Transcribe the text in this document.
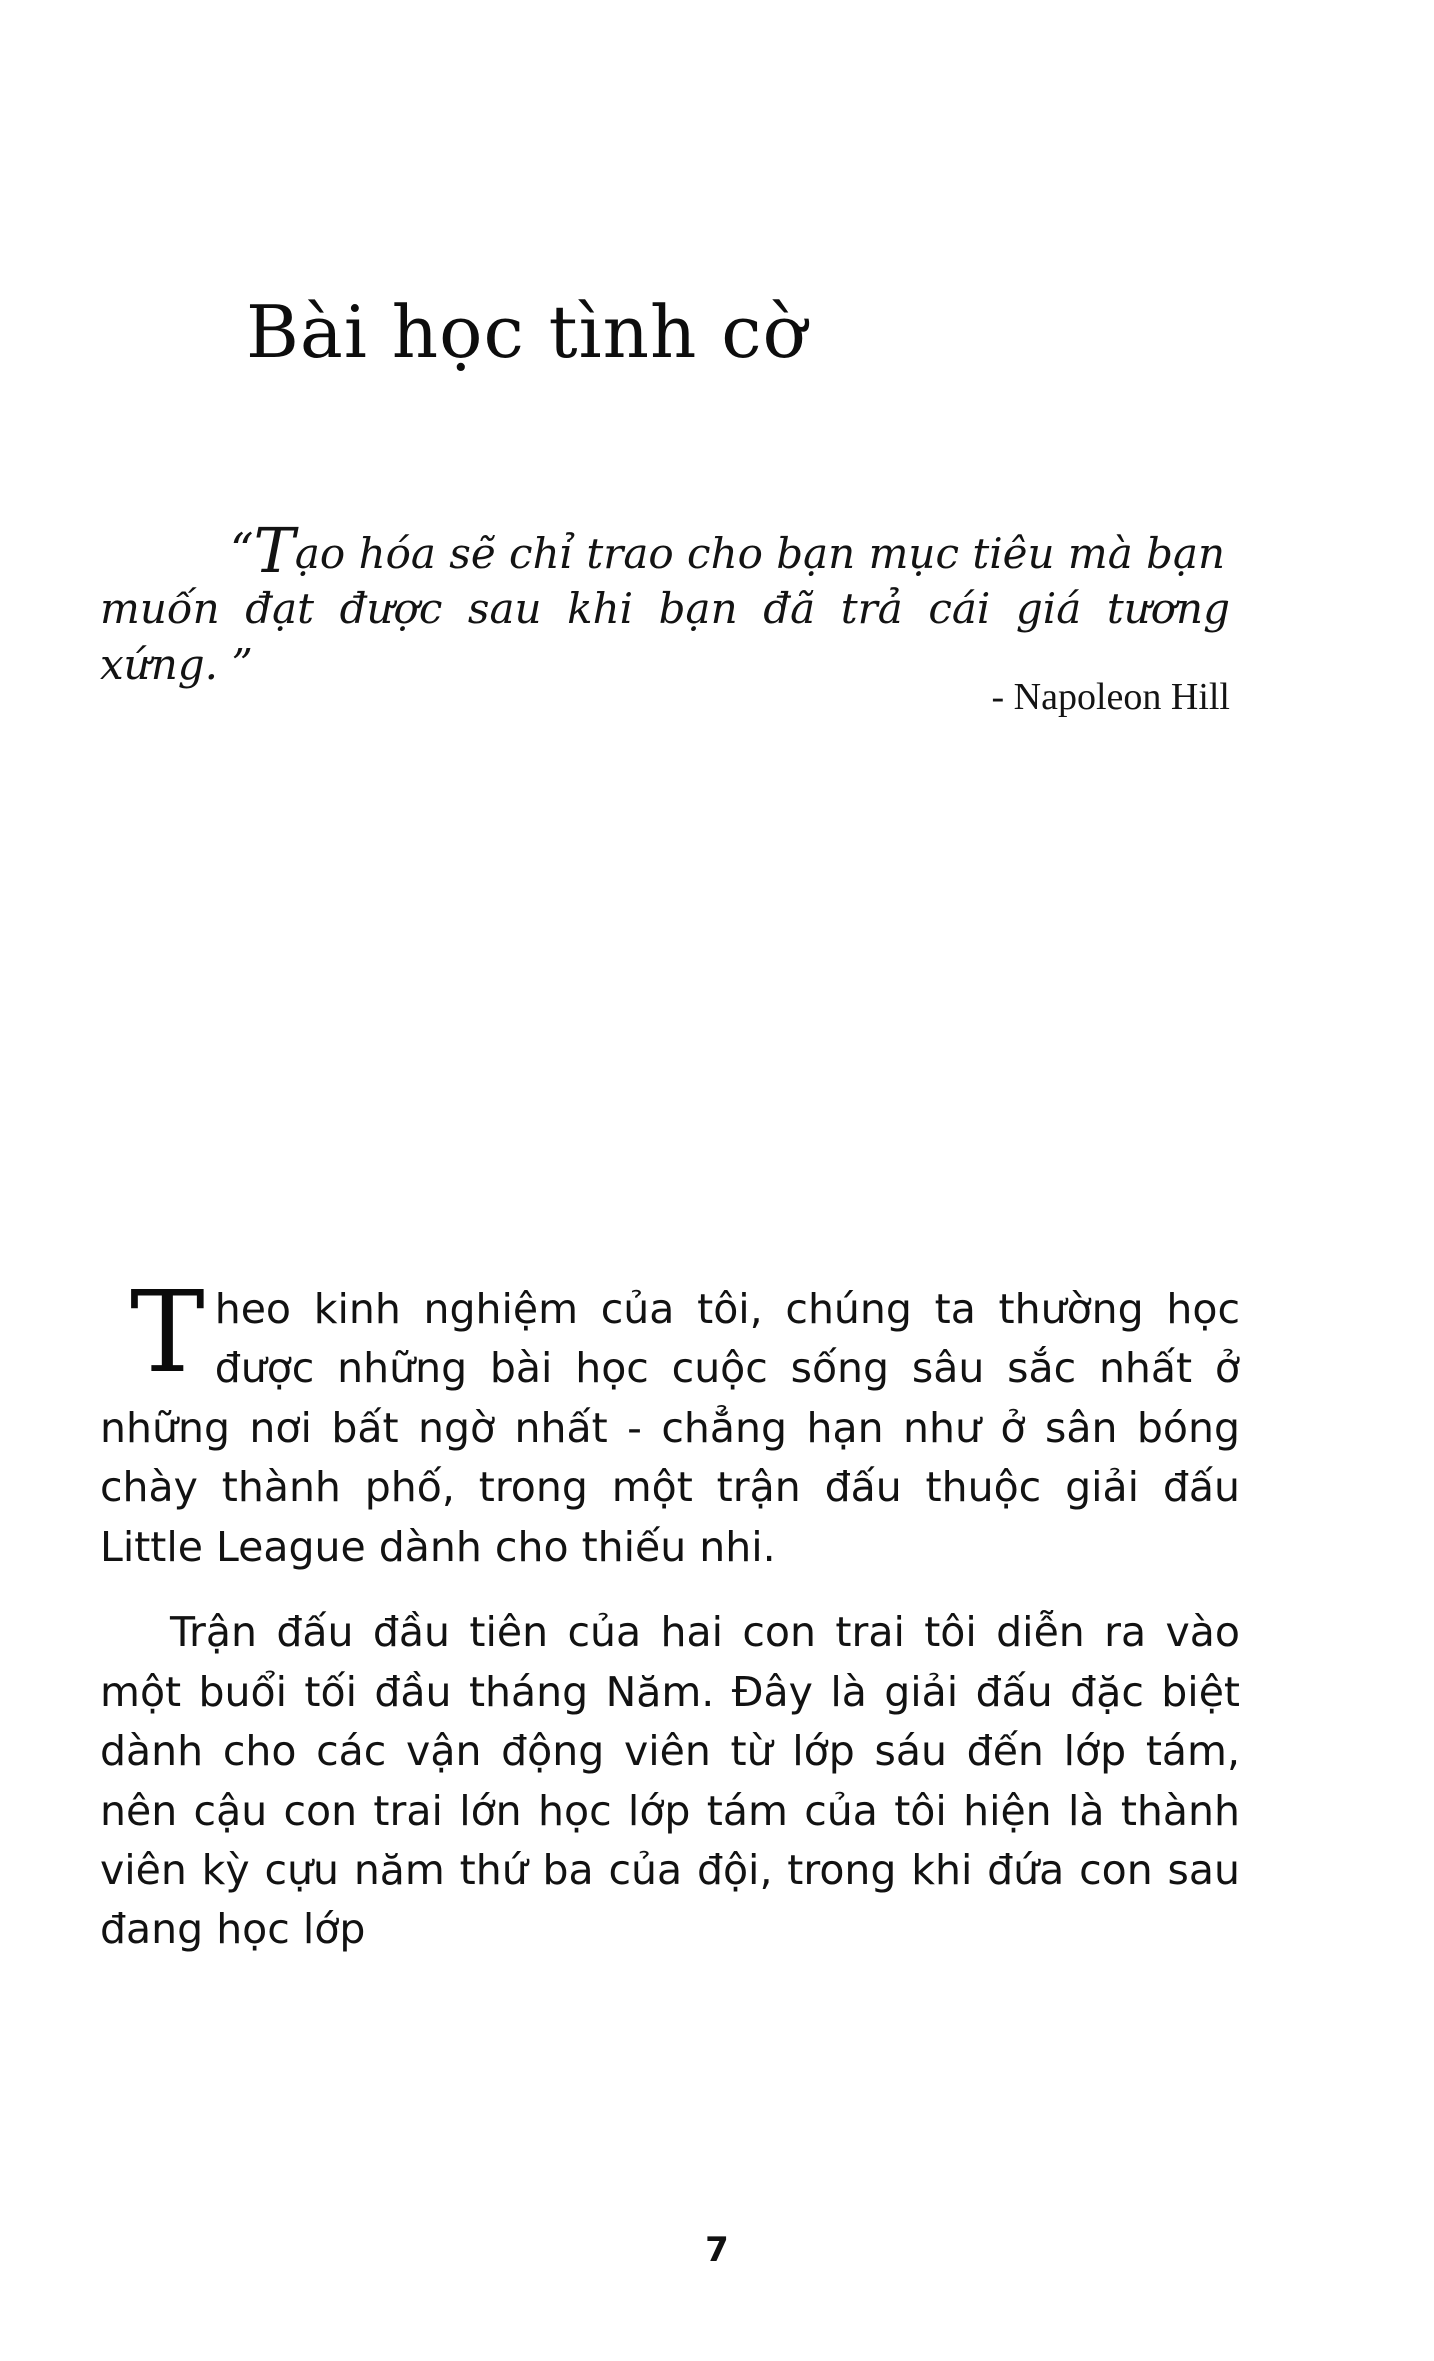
Bài học tình cờ
“Tạo hóa sẽ chỉ trao cho bạn mục tiêu mà bạn
muốn đạt được sau khi bạn đã trả cái giá tương xứng. ”
- Napoleon Hill

Theo kinh nghiệm của tôi, chúng ta thường học được những bài học cuộc sống sâu sắc nhất ở những nơi bất ngờ nhất - chẳng hạn như ở sân bóng chày thành phố, trong một trận đấu thuộc giải đấu Little League dành cho thiếu nhi.

Trận đấu đầu tiên của hai con trai tôi diễn ra vào một buổi tối đầu tháng Năm. Đây là giải đấu đặc biệt dành cho các vận động viên từ lớp sáu đến lớp tám, nên cậu con trai lớn học lớp tám của tôi hiện là thành viên kỳ cựu năm thứ ba của đội, trong khi đứa con sau đang học lớp

7
